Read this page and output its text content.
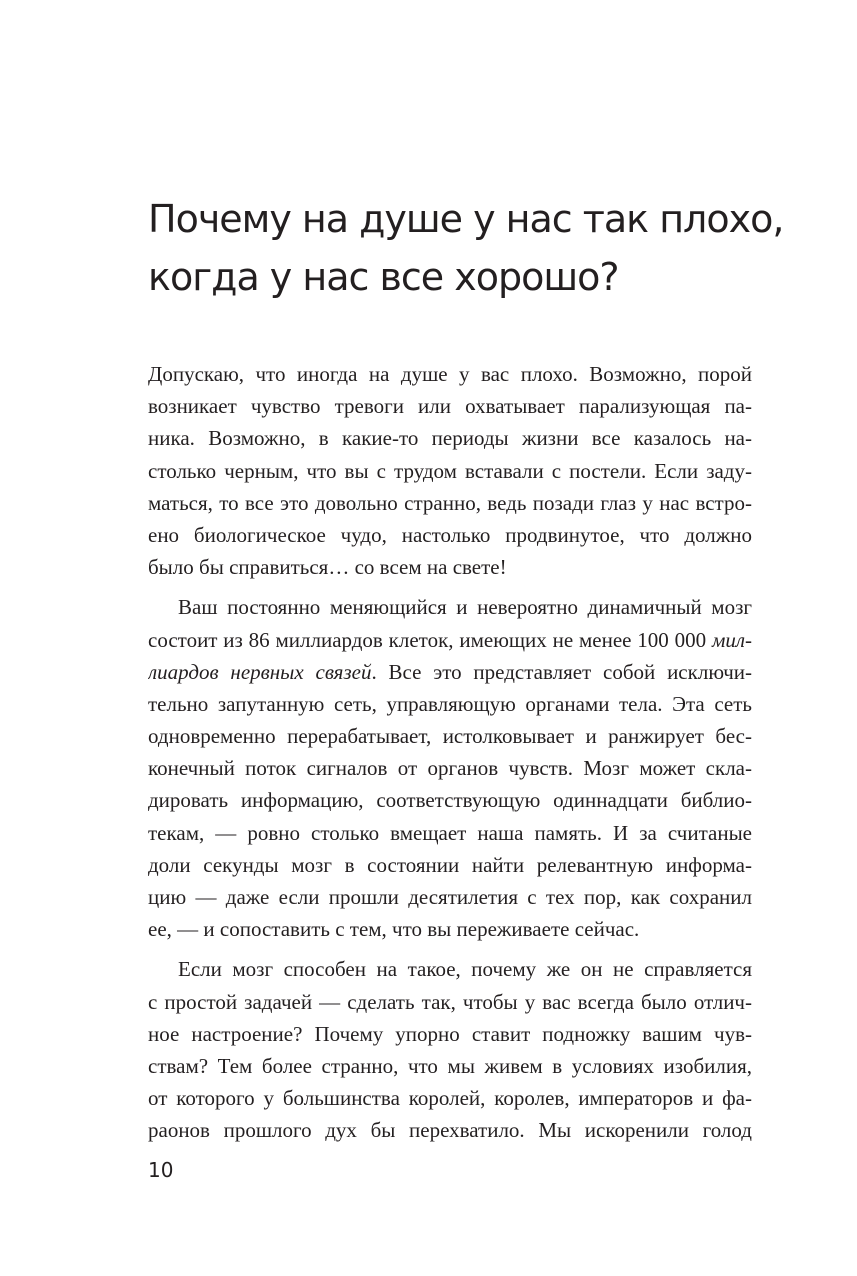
Почему на душе у нас так плохо,
когда у нас все хорошо?
Допускаю, что иногда на душе у вас плохо. Возможно, порой
возникает чувство тревоги или охватывает парализующая па-
ника. Возможно, в какие-то периоды жизни все казалось на-
столько черным, что вы с трудом вставали с постели. Если заду-
маться, то все это довольно странно, ведь позади глаз у нас встро-
ено биологическое чудо, настолько продвинутое, что должно
было бы справиться… со всем на свете!
Ваш постоянно меняющийся и невероятно динамичный мозг
состоит из 86 миллиардов клеток, имеющих не менее 100 000 мил-
лиардов нервных связей. Все это представляет собой исключи-
тельно запутанную сеть, управляющую органами тела. Эта сеть
одновременно перерабатывает, истолковывает и ранжирует бес-
конечный поток сигналов от органов чувств. Мозг может скла-
дировать информацию, соответствующую одиннадцати библио-
текам, — ровно столько вмещает наша память. И за считаные
доли секунды мозг в состоянии найти релевантную информа-
цию — даже если прошли десятилетия с тех пор, как сохранил
ее, — и сопоставить с тем, что вы переживаете сейчас.
Если мозг способен на такое, почему же он не справляется
с простой задачей — сделать так, чтобы у вас всегда было отлич-
ное настроение? Почему упорно ставит подножку вашим чув-
ствам? Тем более странно, что мы живем в условиях изобилия,
от которого у большинства королей, королев, императоров и фа-
раонов прошлого дух бы перехватило. Мы искоренили голод
10
